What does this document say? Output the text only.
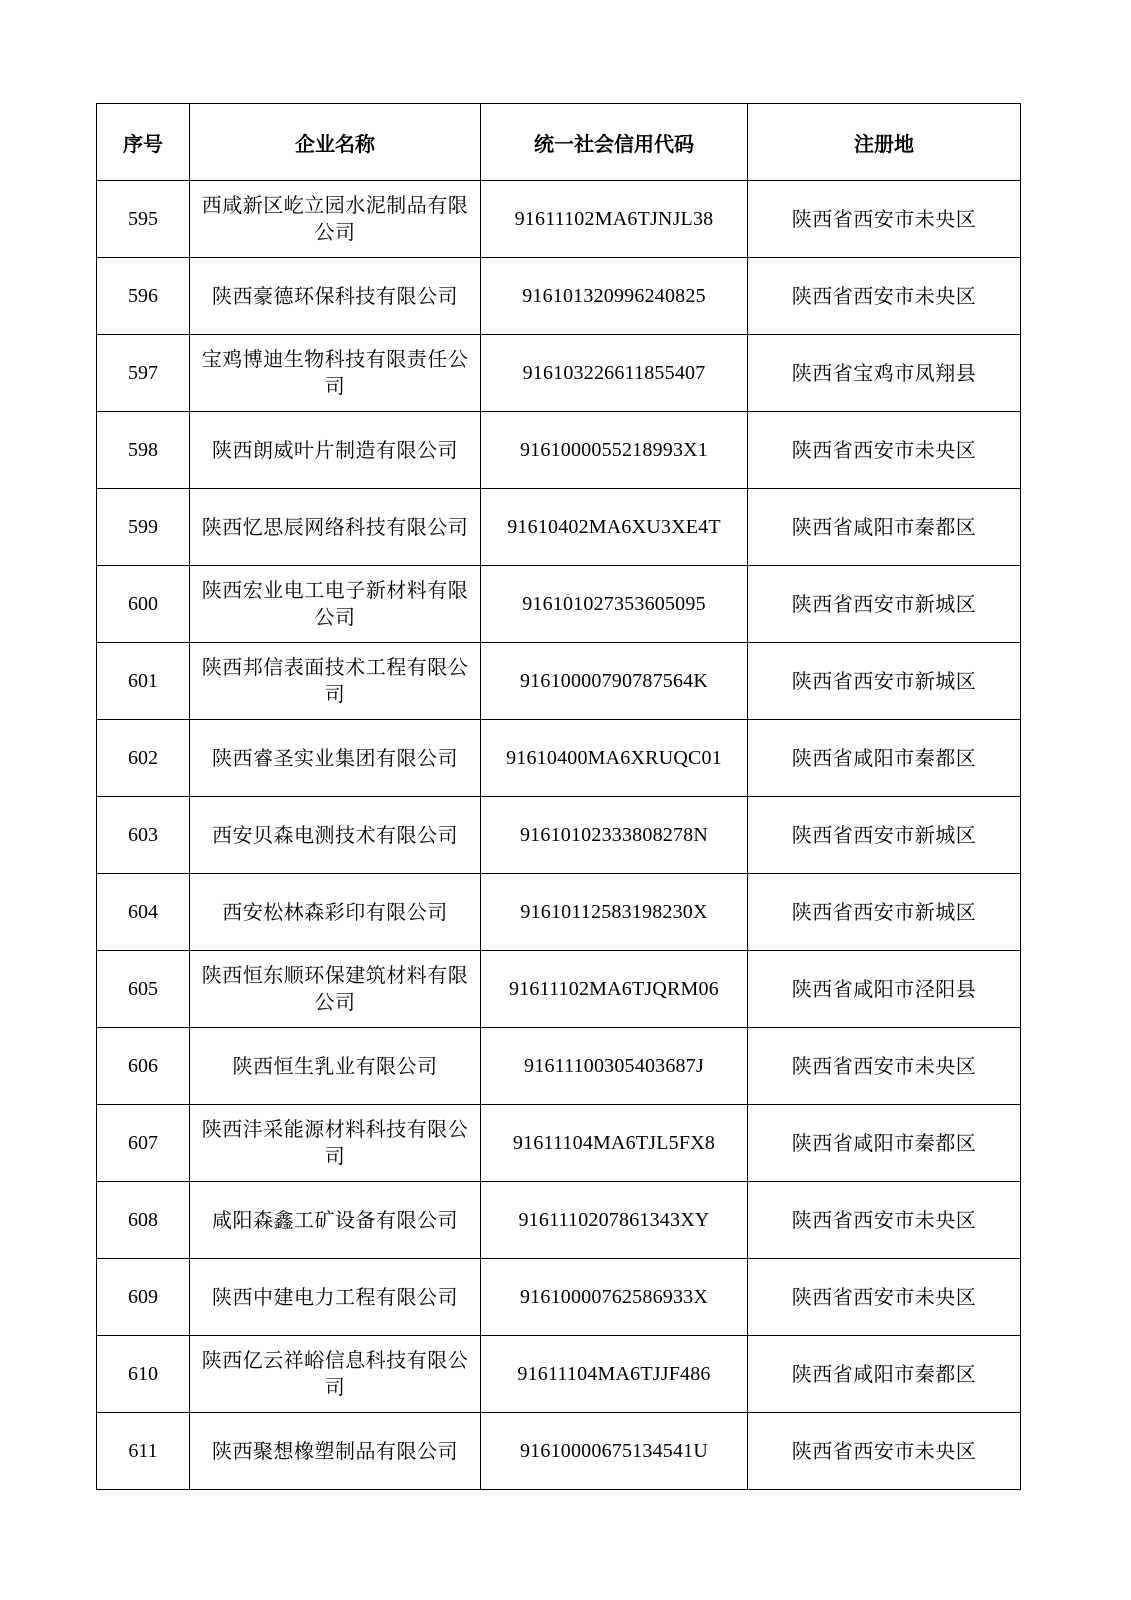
序号	企业名称	统一社会信用代码	注册地
595	西咸新区屹立园水泥制品有限公司	91611102MA6TJNJL38	陕西省西安市未央区
596	陕西豪德环保科技有限公司	916101320996240825	陕西省西安市未央区
597	宝鸡博迪生物科技有限责任公司	916103226611855407	陕西省宝鸡市凤翔县
598	陕西朗威叶片制造有限公司	9161000055218993X1	陕西省西安市未央区
599	陕西忆思辰网络科技有限公司	91610402MA6XU3XE4T	陕西省咸阳市秦都区
600	陕西宏业电工电子新材料有限公司	916101027353605095	陕西省西安市新城区
601	陕西邦信表面技术工程有限公司	91610000790787564K	陕西省西安市新城区
602	陕西睿圣实业集团有限公司	91610400MA6XRUQC01	陕西省咸阳市秦都区
603	西安贝森电测技术有限公司	91610102333808278N	陕西省西安市新城区
604	西安松林森彩印有限公司	91610112583198230X	陕西省西安市新城区
605	陕西恒东顺环保建筑材料有限公司	91611102MA6TJQRM06	陕西省咸阳市泾阳县
606	陕西恒生乳业有限公司	91611100305403687J	陕西省西安市未央区
607	陕西沣采能源材料科技有限公司	91611104MA6TJL5FX8	陕西省咸阳市秦都区
608	咸阳森鑫工矿设备有限公司	9161110207861343XY	陕西省西安市未央区
609	陕西中建电力工程有限公司	91610000762586933X	陕西省西安市未央区
610	陕西亿云祥峪信息科技有限公司	91611104MA6TJJF486	陕西省咸阳市秦都区
611	陕西聚想橡塑制品有限公司	91610000675134541U	陕西省西安市未央区
